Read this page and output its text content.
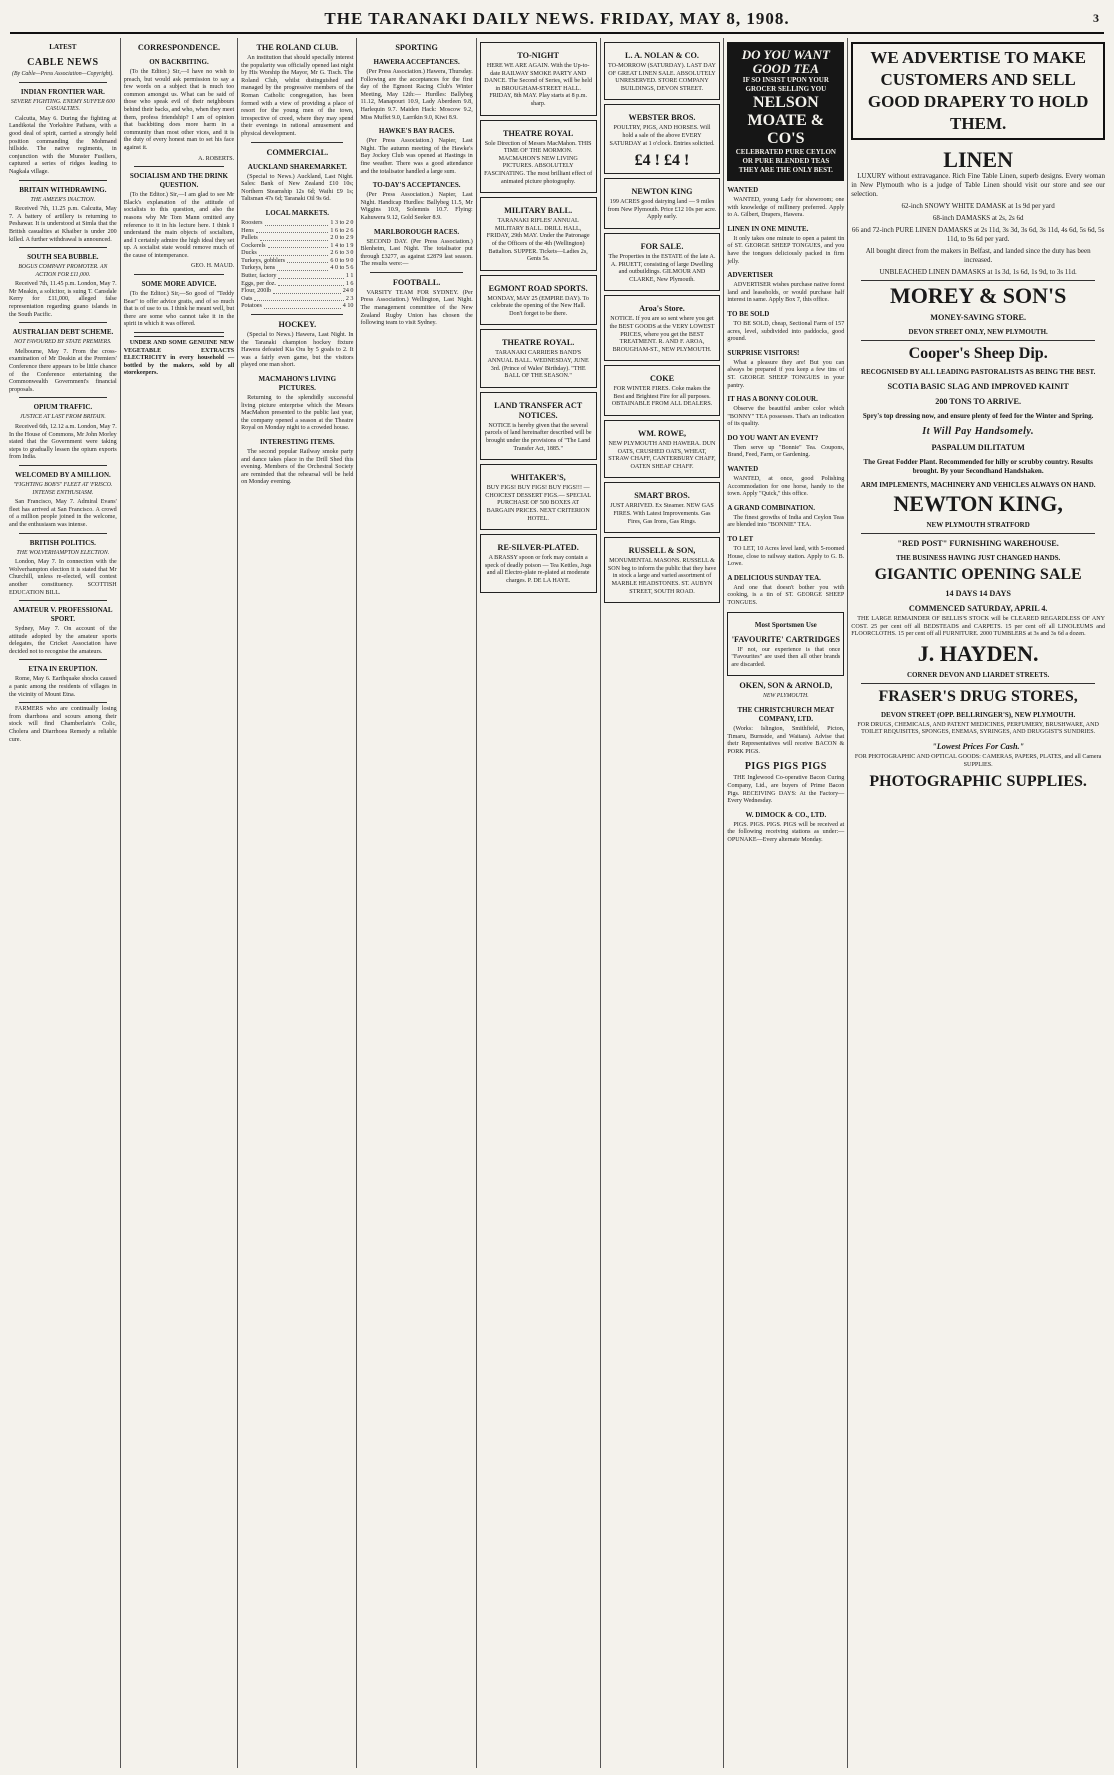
THE TARANAKI DAILY NEWS. FRIDAY, MAY 8, 1908.	3
LATEST
CABLE NEWS
(By Cable—Press Association—Copyright).
INDIAN FRONTIER WAR.
SEVERE FIGHTING. ENEMY SUFFER 600 CASUALTIES.

Calcutta, May 6. During the fighting at Landikotal the Yorkshire Pathans, with a good deal of spirit, carried a strongly held position commanding the Mohmand hillside. The native regiments, in conjunction with the Munster Fusiliers, captured a series of ridges leading to Nagkala village.

BRITAIN WITHDRAWING.
THE AMEER'S INACTION.

Received 7th, 11.25 p.m. Calcutta, May 7. A battery of artillery is returning to Peshawar. It is understood at Simla that the British casualties at Khaiber is under 200 killed. A further withdrawal is announced.

SOUTH SEA BUBBLE.
BOGUS COMPANY PROMOTER. AN ACTION FOR £11,000.

Received 7th, 11.45 p.m. London, May 7. Mr Meakin, a solicitor, is suing T. Cansdale Kerry for £11,000, alleged false representation regarding guano islands in the South Pacific.

AUSTRALIAN DEBT SCHEME.
NOT FAVOURED BY STATE PREMIERS.

Melbourne, May 7. From the cross-examination of Mr Deakin at the Premiers' Conference there appears to be little chance of the Conference entertaining the Commonwealth Government's financial proposals.

OPIUM TRAFFIC.
JUSTICE AT LAST FROM BRITAIN.

Received 6th, 12.12 a.m. London, May 7. In the House of Commons, Mr John Morley stated that the Government were taking steps to gradually lessen the opium exports from India.

WELCOMED BY A MILLION.
"FIGHTING BOB'S" FLEET AT 'FRISCO. INTENSE ENTHUSIASM.

San Francisco, May 7. Admiral Evans' fleet has arrived at San Francisco. A crowd of a million people joined in the welcome, and the enthusiasm was intense.

BRITISH POLITICS.
THE WOLVERHAMPTON ELECTION.

London, May 7. In connection with the Wolverhampton election it is stated that Mr Churchill, unless re-elected, will contest another constituency. SCOTTISH EDUCATION BILL.

AMATEUR V. PROFESSIONAL SPORT.

Sydney, May 7. On account of the attitude adopted by the amateur sports delegates, the Cricket Association have decided not to recognise the amateurs.

ETNA IN ERUPTION.

Rome, May 6. Earthquake shocks caused a panic among the residents of villages in the vicinity of Mount Etna.

FARMERS who are continually losing from diarrhoea and scours among their stock will find Chamberlain's Colic, Cholera and Diarrhoea Remedy a reliable cure.

CORRESPONDENCE.
ON BACKBITING.

(To the Editor.) Sir,—I have no wish to preach, but would ask permission to say a few words on a subject that is much too common amongst us. What can be said of those who speak evil of their neighbours behind their backs, and who, when they meet them, profess friendship? I am of opinion that backbiting does more harm in a community than most other vices, and it is the duty of every honest man to set his face against it.

A. ROBERTS.

SOCIALISM AND THE DRINK QUESTION.

(To the Editor.) Sir,—I am glad to see Mr Black's explanation of the attitude of socialists to this question, and also the reasons why Mr Tom Mann omitted any reference to it in his lecture here. I think I understand the main objects of socialism, and I certainly admire the high ideal they set up. A socialist state would remove much of the cause of intemperance.

GEO. H. MAUD.

SOME MORE ADVICE.

(To the Editor.) Sir,—So good of "Teddy Bear" to offer advice gratis, and of so much that is of use to us. I think he meant well, but there are some who cannot take it in the spirit in which it was offered.

UNDER AND SOME GENUINE NEW VEGETABLE EXTRACTS ELECTRICITY in every household — bottled by the makers, sold by all storekeepers.

THE ROLAND CLUB.

An institution that should specially interest the popularity was officially opened last night by His Worship the Mayor, Mr G. Tisch. The Roland Club, whilst distinguished and managed by the progressive members of the Roman Catholic congregation, has been formed with a view of providing a place of resort for the young men of the town, irrespective of creed, where they may spend their evenings in rational amusement and physical development.

COMMERCIAL.
AUCKLAND SHAREMARKET.

(Special to News.) Auckland, Last Night. Sales: Bank of New Zealand £10 10s; Northern Steamship 12s 6d; Waihi £9 1s; Talisman 47s 6d; Taranaki Oil 9s 6d.

LOCAL MARKETS.
Roosters	1 3 to 2 0
Hens	1 6 to 2 6
Pullets	2 0 to 2 9
Cockerels	1 4 to 1 9
Ducks	2 6 to 3 0
Turkeys, gobblers	6 0 to 9 0
Turkeys, hens	4 0 to 5 6
Butter, factory	1 1
Eggs, per doz.	1 6
Flour, 200lb	24 0
Oats	2 3
Potatoes	4 10
HOCKEY.

(Special to News.) Hawera, Last Night. In the Taranaki champion hockey fixture Hawera defeated Kia Ora by 5 goals to 2. It was a fairly even game, but the visitors played one man short.

MACMAHON'S LIVING PICTURES.

Returning to the splendidly successful living picture enterprise which the Messrs MacMahon presented to the public last year, the company opened a season at the Theatre Royal on Monday night to a crowded house.

INTERESTING ITEMS.

The second popular Railway smoke party and dance takes place in the Drill Shed this evening. Members of the Orchestral Society are reminded that the rehearsal will be held on Monday evening.

SPORTING
HAWERA ACCEPTANCES.

(Per Press Association.) Hawera, Thursday. Following are the acceptances for the first day of the Egmont Racing Club's Winter Meeting, May 12th:— Hurdles: Ballybeg 11.12, Manapouri 10.9, Lady Aberdeen 9.8, Harlequin 9.7. Maiden Hack: Moscow 9.2, Miss Muffet 9.0, Larrikin 9.0, Kiwi 8.9.

HAWKE'S BAY RACES.

(Per Press Association.) Napier, Last Night. The autumn meeting of the Hawke's Bay Jockey Club was opened at Hastings in fine weather. There was a good attendance and the totalisator handled a large sum.

TO-DAY'S ACCEPTANCES.

(Per Press Association.) Napier, Last Night. Handicap Hurdles: Ballybeg 11.5, Mr Wiggins 10.9, Solemnis 10.7. Flying: Kahuwera 9.12, Gold Seeker 8.9.

MARLBOROUGH RACES.

SECOND DAY. (Per Press Association.) Blenheim, Last Night. The totalisator put through £3277, as against £2879 last season. The results were:—

FOOTBALL.

VARSITY TEAM FOR SYDNEY. (Per Press Association.) Wellington, Last Night. The management committee of the New Zealand Rugby Union has chosen the following team to visit Sydney.

TO-NIGHT

HERE WE ARE AGAIN. With the Up-to-date RAILWAY SMOKE PARTY AND DANCE. The Second of Series, will be held in BROUGHAM-STREET HALL. FRIDAY, 8th MAY. Play starts at 8 p.m. sharp.

THEATRE ROYAL

Sole Direction of Messrs MacMahon. THIS TIME OF THE MORMON. MACMAHON'S NEW LIVING PICTURES. ABSOLUTELY FASCINATING. The most brilliant effect of animated picture photography.

MILITARY BALL.

TARANAKI RIFLES' ANNUAL MILITARY BALL. DRILL HALL, FRIDAY, 29th MAY. Under the Patronage of the Officers of the 4th (Wellington) Battalion. SUPPER. Tickets—Ladies 2s, Gents 5s.

EGMONT ROAD SPORTS.

MONDAY, MAY 25 (EMPIRE DAY). To celebrate the opening of the New Hall. Don't forget to be there.

THEATRE ROYAL.

TARANAKI CARRIERS BAND'S ANNUAL BALL. WEDNESDAY, JUNE 3rd. (Prince of Wales' Birthday). "THE BALL OF THE SEASON."

LAND TRANSFER ACT NOTICES.

NOTICE is hereby given that the several parcels of land hereinafter described will be brought under the provisions of "The Land Transfer Act, 1885."

WHITAKER'S,

BUY FIGS! BUY FIGS! BUY FIGS!!! —CHOICEST DESSERT FIGS.— SPECIAL PURCHASE OF 500 BOXES AT BARGAIN PRICES. NEXT CRITERION HOTEL.

RE-SILVER-PLATED.

A BRASSY spoon or fork may contain a speck of deadly poison — Tea Kettles, Jugs and all Electro-plate re-plated at moderate charges. P. DE LA HAYE.

L. A. NOLAN & CO.

TO-MORROW (SATURDAY). LAST DAY OF GREAT LINEN SALE. ABSOLUTELY UNRESERVED. STORE COMPANY BUILDINGS, DEVON STREET.

WEBSTER BROS.

POULTRY, PIGS, AND HORSES. Will hold a sale of the above EVERY SATURDAY at 1 o'clock. Entries solicited.

£4 ! £4 !
NEWTON KING

199 ACRES good dairying land — 9 miles from New Plymouth. Price £12 10s per acre. Apply early.

FOR SALE.

The Properties in the ESTATE of the late A. A. PRUETT, consisting of large Dwelling and outbuildings. GILMOUR AND CLARKE, New Plymouth.

Aroa's Store.

NOTICE. If you are so sent where you get the BEST GOODS at the VERY LOWEST PRICES, where you get the BEST TREATMENT. R. AND F. AROA, BROUGHAM-ST., NEW PLYMOUTH.

COKE

FOR WINTER FIRES. Coke makes the Best and Brightest Fire for all purposes. OBTAINABLE FROM ALL DEALERS.

WM. ROWE,

NEW PLYMOUTH AND HAWERA. DUN OATS, CRUSHED OATS, WHEAT, STRAW CHAFF, CANTERBURY CHAFF, OATEN SHEAF CHAFF.

SMART BROS.

JUST ARRIVED. Ex Steamer. NEW GAS FIRES. With Latest Improvements. Gas Fires, Gas Irons, Gas Rings.

RUSSELL & SON,

MONUMENTAL MASONS. RUSSELL & SON beg to inform the public that they have in stock a large and varied assortment of MARBLE HEADSTONES. ST. AUBYN STREET, SOUTH ROAD.

DO YOU WANT GOOD TEA
IF SO INSIST UPON YOUR GROCER SELLING YOU
NELSON MOATE & CO'S
CELEBRATED PURE CEYLON OR PURE BLENDED TEAS
THEY ARE THE ONLY BEST.
WANTED

WANTED, young Lady for showroom; one with knowledge of millinery preferred. Apply to A. Gilbert, Drapers, Hawera.

LINEN IN ONE MINUTE.

It only takes one minute to open a patent tin of ST. GEORGE SHEEP TONGUES, and you have the tongues deliciously packed in firm jelly.

ADVERTISER

ADVERTISER wishes purchase native forest land and leaseholds, or would purchase half interest in same. Apply Box 7, this office.

TO BE SOLD

TO BE SOLD, cheap, Sectional Farm of 157 acres, level, subdivided into paddocks, good ground.

SURPRISE VISITORS!

What a pleasure they are! But you can always be prepared if you keep a few tins of ST. GEORGE SHEEP TONGUES in your pantry.

IT HAS A BONNY COLOUR.

Observe the beautiful amber color which "BONNY" TEA possesses. That's an indication of its quality.

DO YOU WANT AN EVENT?

Then serve up "Bonnie" Tea. Coupons, Brand, Feed, Farm, or Gardening.

WANTED

WANTED, at once, good Polishing Accommodation for one horse, handy to the town. Apply "Quick," this office.

A GRAND COMBINATION.

The finest growths of India and Ceylon Teas are blended into "BONNIE" TEA.

TO LET

TO LET, 10 Acres level land, with 5-roomed House, close to railway station. Apply to G. B. Lowe.

A DELICIOUS SUNDAY TEA.

And one that doesn't bother you with cooking, is a tin of ST. GEORGE SHEEP TONGUES.

Most Sportsmen Use
'FAVOURITE' CARTRIDGES

IF not, our experience is that once "Favourites" are used then all other brands are discarded.

OKEN, SON & ARNOLD,
NEW PLYMOUTH.
THE CHRISTCHURCH MEAT COMPANY, LTD.

(Works: Islington, Smithfield, Picton, Timaru, Burnside, and Waitara). Advise that their Representatives will receive BACON & PORK PIGS.

PIGS PIGS PIGS

THE Inglewood Co-operative Bacon Curing Company, Ltd., are buyers of Prime Bacon Pigs. RECEIVING DAYS: At the Factory—Every Wednesday.

W. DIMOCK & CO., LTD.

PIGS. PIGS. PIGS. PIGS will be received at the following receiving stations as under:— OPUNAKE—Every alternate Monday.

WE ADVERTISE TO MAKE CUSTOMERS AND SELL GOOD DRAPERY TO HOLD THEM.
LINEN

LUXURY without extravagance. Rich Fine Table Linen, superb designs. Every woman in New Plymouth who is a judge of Table Linen should visit our store and see our selection.

62-inch SNOWY WHITE DAMASK at 1s 9d per yard

68-inch DAMASKS at 2s, 2s 6d

66 and 72-inch PURE LINEN DAMASKS at 2s 11d, 3s 3d, 3s 6d, 3s 11d, 4s 6d, 5s 6d, 5s 11d, to 9s 6d per yard.

All bought direct from the makers in Belfast, and landed since the duty has been increased.

UNBLEACHED LINEN DAMASKS at 1s 3d, 1s 6d, 1s 9d, to 3s 11d.

MOREY & SON'S
MONEY-SAVING STORE.
DEVON STREET ONLY, NEW PLYMOUTH.
Cooper's Sheep Dip.
RECOGNISED BY ALL LEADING PASTORALISTS AS BEING THE BEST.
SCOTIA BASIC SLAG AND IMPROVED KAINIT
200 TONS TO ARRIVE.
Spry's top dressing now, and ensure plenty of feed for the Winter and Spring.
It Will Pay Handsomely.
PASPALUM DILITATUM
The Great Fodder Plant. Recommended for hilly or scrubby country. Results brought. By your Secondhand Handshaken.
ARM IMPLEMENTS, MACHINERY AND VEHICLES ALWAYS ON HAND.
NEWTON KING,
NEW PLYMOUTH STRATFORD
"RED POST" FURNISHING WAREHOUSE.
THE BUSINESS HAVING JUST CHANGED HANDS.
GIGANTIC OPENING SALE
14 DAYS 14 DAYS
COMMENCED SATURDAY, APRIL 4.

THE LARGE REMAINDER OF BELLIS'S STOCK will be CLEARED REGARDLESS OF ANY COST. 25 per cent off all BEDSTEADS and CARPETS. 15 per cent off all LINOLEUMS and FLOORCLOTHS. 15 per cent off all FURNITURE. 2000 TUMBLERS at 3s and 3s 6d a dozen.

J. HAYDEN.
CORNER DEVON AND LIARDET STREETS.
FRASER'S DRUG STORES,
DEVON STREET (OPP. BELLRINGER'S), NEW PLYMOUTH.

FOR DRUGS, CHEMICALS, AND PATENT MEDICINES, PERFUMERY, BRUSHWARE, AND TOILET REQUISITES, SPONGES, ENEMAS, SYRINGES, AND DRUGGIST'S SUNDRIES.

"Lowest Prices For Cash."

FOR PHOTOGRAPHIC AND OPTICAL GOODS: CAMERAS, PAPERS, PLATES, and all Camera SUPPLIES.

PHOTOGRAPHIC SUPPLIES.
